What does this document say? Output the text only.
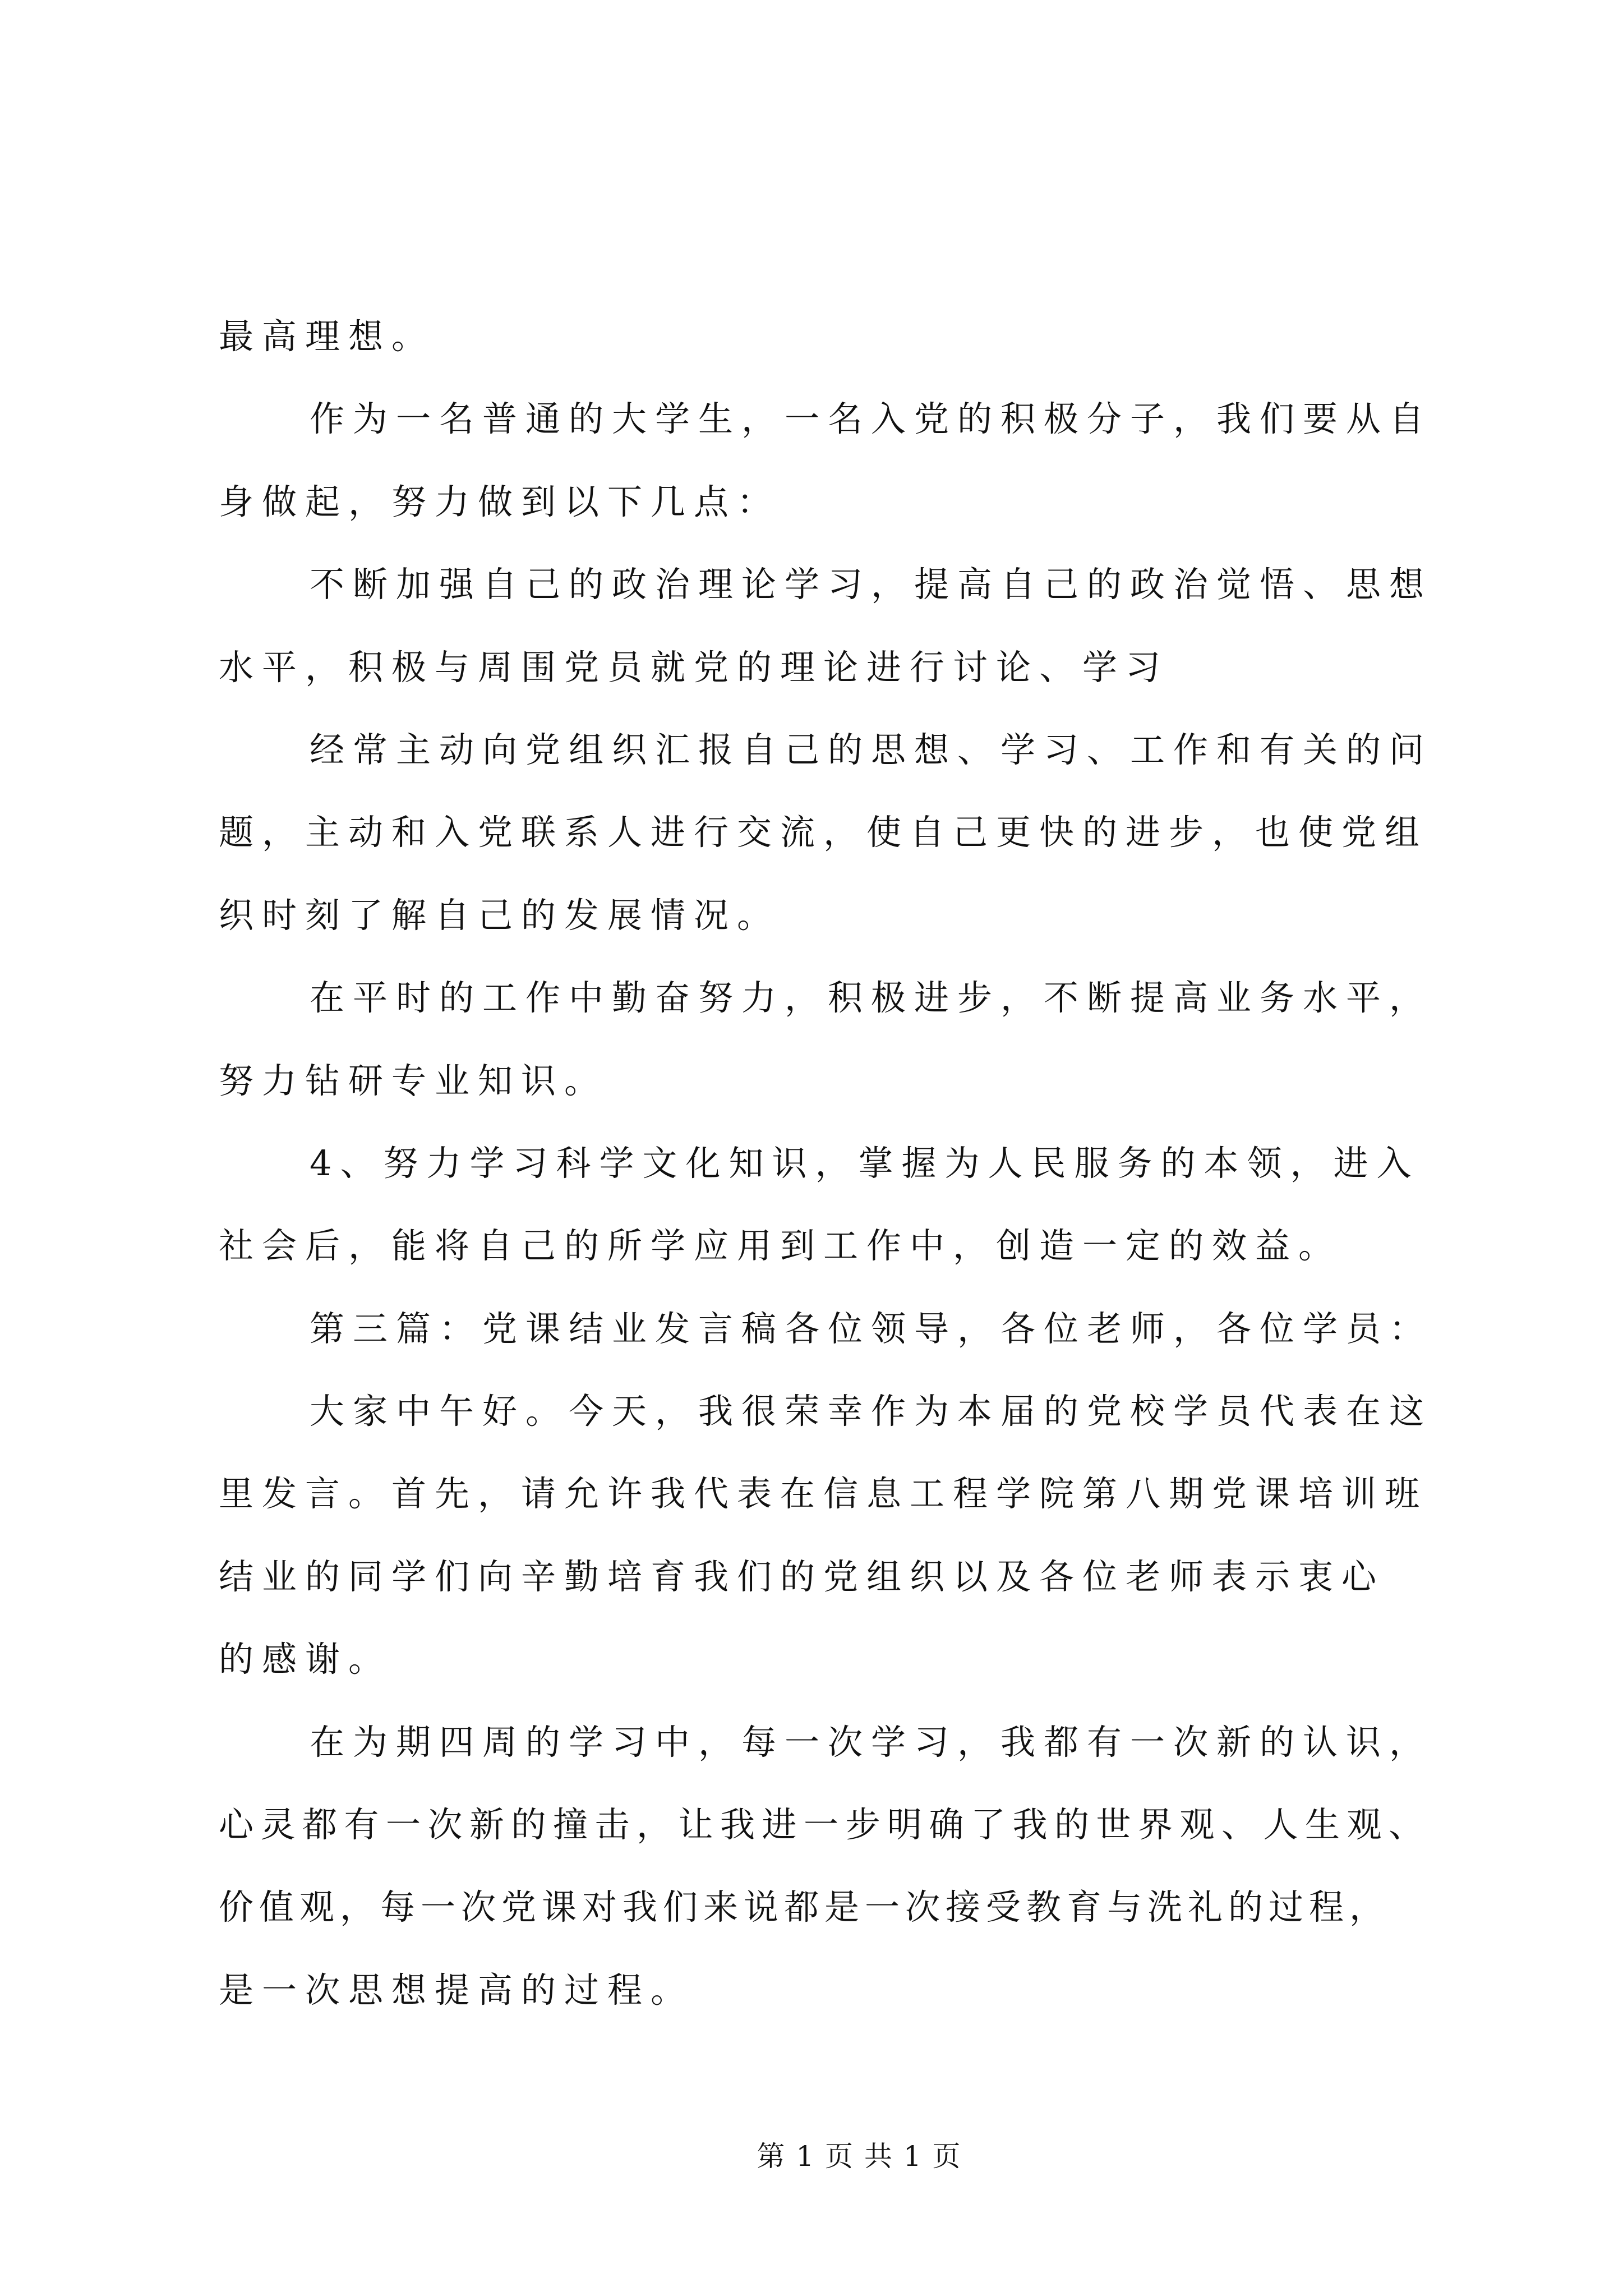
最高理想。
作为一名普通的大学生，一名入党的积极分子，我们要从自
身做起，努力做到以下几点：
不断加强自己的政治理论学习，提高自己的政治觉悟、思想
水平，积极与周围党员就党的理论进行讨论、学习
经常主动向党组织汇报自己的思想、学习、工作和有关的问
题，主动和入党联系人进行交流，使自己更快的进步，也使党组
织时刻了解自己的发展情况。
在平时的工作中勤奋努力，积极进步，不断提高业务水平，
努力钻研专业知识。
4、努力学习科学文化知识，掌握为人民服务的本领，进入
社会后，能将自己的所学应用到工作中，创造一定的效益。
第三篇：党课结业发言稿各位领导，各位老师，各位学员：
大家中午好。今天，我很荣幸作为本届的党校学员代表在这
里发言。首先，请允许我代表在信息工程学院第八期党课培训班
结业的同学们向辛勤培育我们的党组织以及各位老师表示衷心
的感谢。
在为期四周的学习中，每一次学习，我都有一次新的认识，
心灵都有一次新的撞击，让我进一步明确了我的世界观、人生观、
价值观，每一次党课对我们来说都是一次接受教育与洗礼的过程，
是一次思想提高的过程。
第 1 页 共 1 页
